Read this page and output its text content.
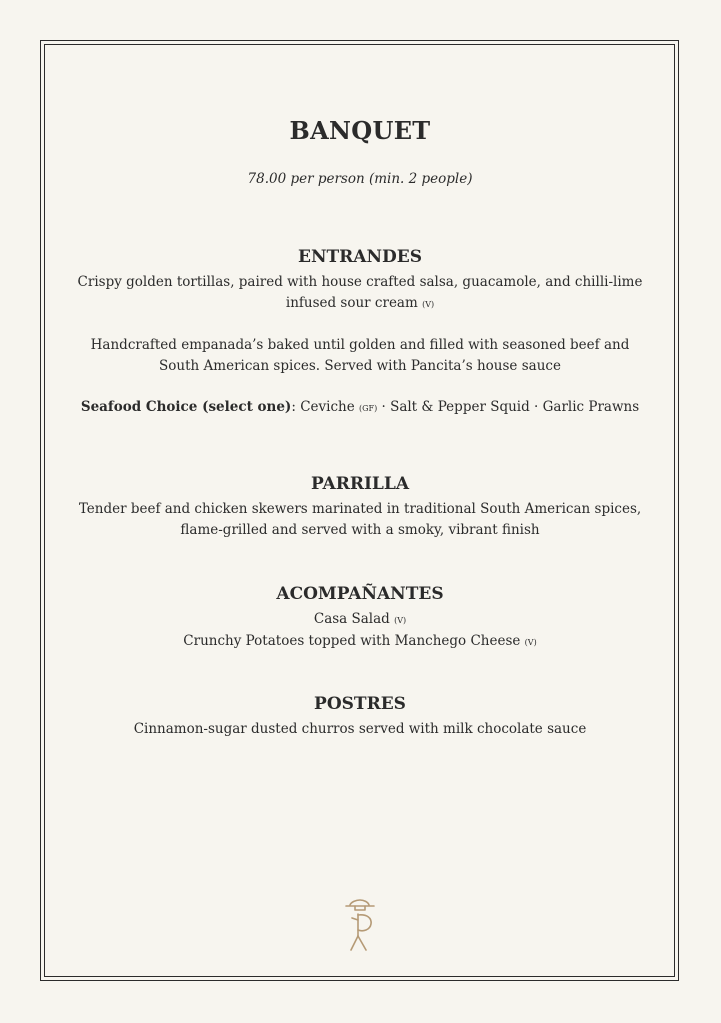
BANQUET

78.00 per person (min. 2 people)

ENTRANDES

Crispy golden tortillas, paired with house crafted salsa, guacamole, and chilli-lime infused sour cream (V)

Handcrafted empanada’s baked until golden and filled with seasoned beef and South American spices. Served with Pancita’s house sauce

Seafood Choice (select one): Ceviche (GF) · Salt & Pepper Squid · Garlic Prawns

PARRILLA

Tender beef and chicken skewers marinated in traditional South American spices, flame-grilled and served with a smoky, vibrant finish

ACOMPAÑANTES

Casa Salad (V)

Crunchy Potatoes topped with Manchego Cheese (V)

POSTRES

Cinnamon-sugar dusted churros served with milk chocolate sauce
